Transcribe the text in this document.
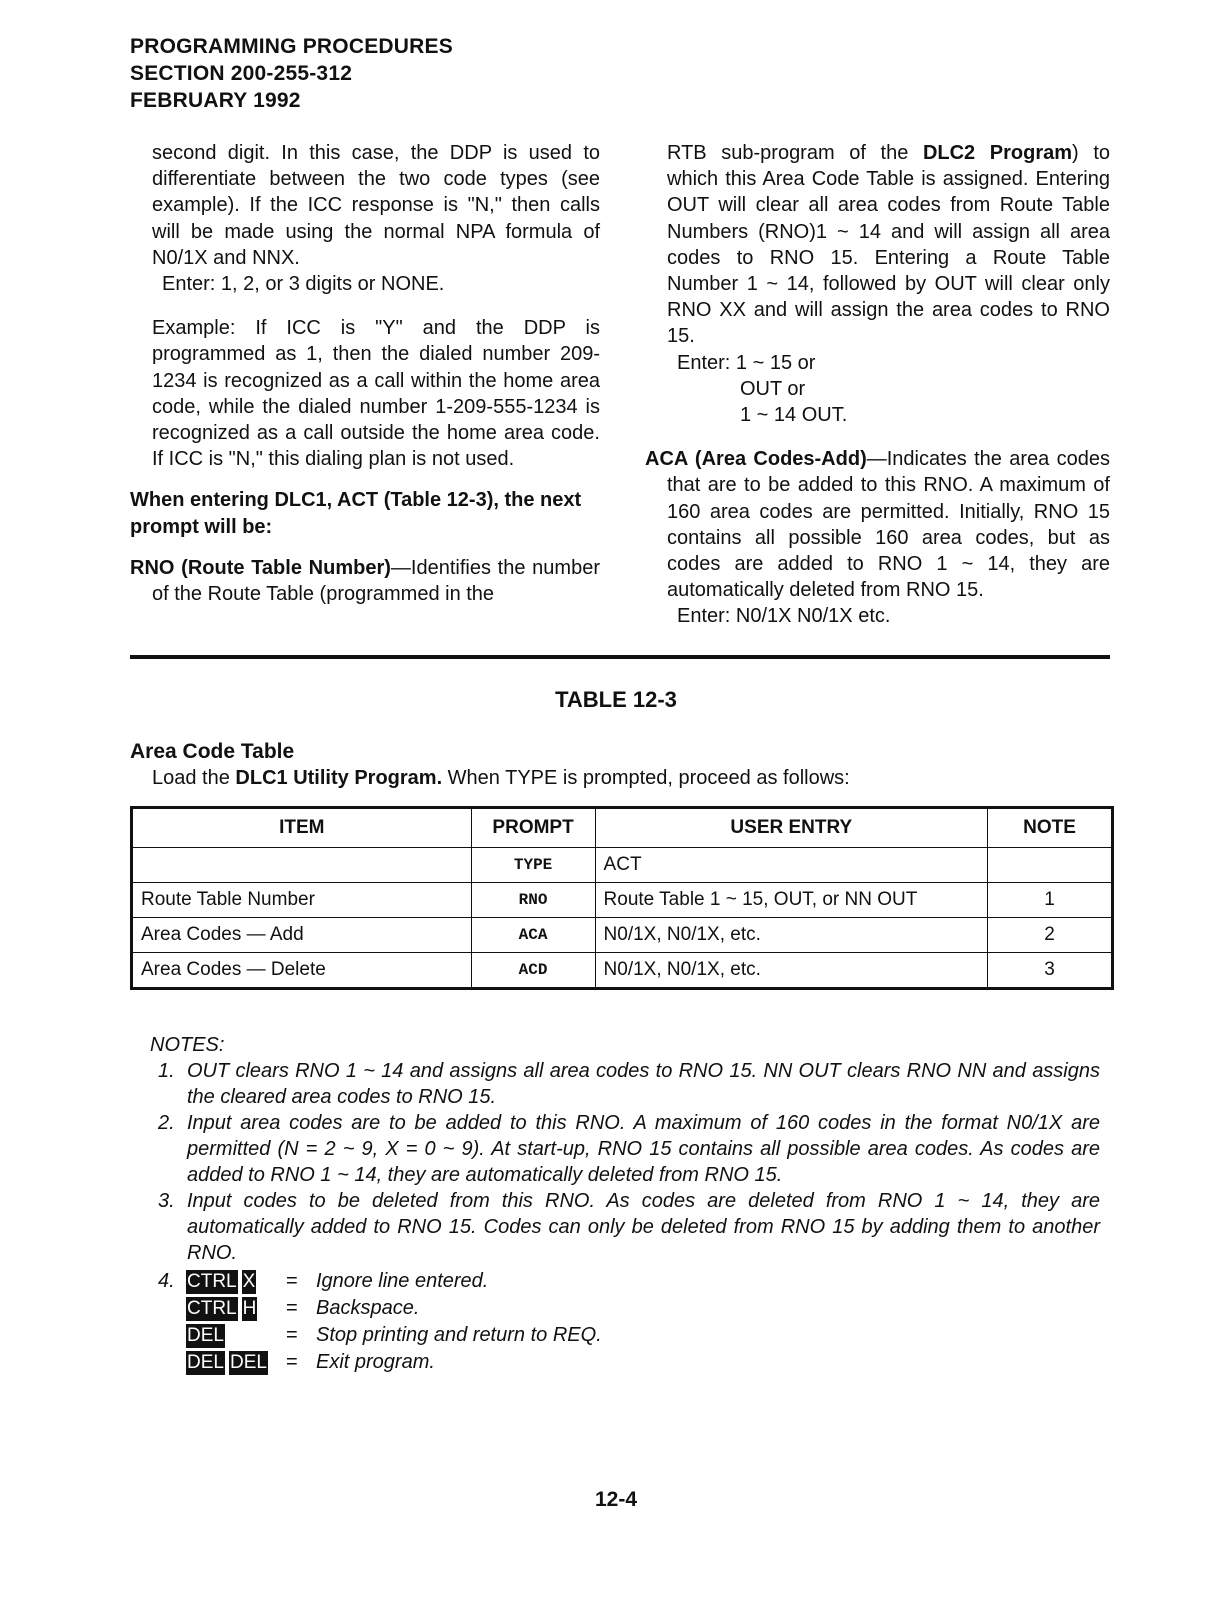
PROGRAMMING PROCEDURES
SECTION 200-255-312
FEBRUARY 1992

second digit. In this case, the DDP is used to differentiate between the two code types (see example). If the ICC response is "N," then calls will be made using the normal NPA formula of N0/1X and NNX.

Enter: 1, 2, or 3 digits or NONE.

Example: If ICC is "Y" and the DDP is programmed as 1, then the dialed number 209-1234 is recognized as a call within the home area code, while the dialed number 1-209-555-1234 is recognized as a call outside the home area code. If ICC is "N," this dialing plan is not used.

When entering DLC1, ACT (Table 12-3), the next prompt will be:

RNO (Route Table Number)—Identifies the number of the Route Table (programmed in the

RTB sub-program of the DLC2 Program) to which this Area Code Table is assigned. Entering OUT will clear all area codes from Route Table Numbers (RNO)1 ~ 14 and will assign all area codes to RNO 15. Entering a Route Table Number 1 ~ 14, followed by OUT will clear only RNO XX and will assign the area codes to RNO 15.

Enter: 1 ~ 15 or

OUT or

1 ~ 14 OUT.

ACA (Area Codes-Add)—Indicates the area codes that are to be added to this RNO. A maximum of 160 area codes are permitted. Initially, RNO 15 contains all possible 160 area codes, but as codes are added to RNO 1 ~ 14, they are automatically deleted from RNO 15.

Enter: N0/1X N0/1X etc.

TABLE 12-3
Area Code Table
Load the DLC1 Utility Program. When TYPE is prompted, proceed as follows:
ITEM	PROMPT	USER ENTRY	NOTE
	TYPE	ACT	
Route Table Number	RNO	Route Table 1 ~ 15, OUT, or NN OUT	1
Area Codes — Add	ACA	N0/1X, N0/1X, etc.	2
Area Codes — Delete	ACD	N0/1X, N0/1X, etc.	3

NOTES:

1. OUT clears RNO 1 ~ 14 and assigns all area codes to RNO 15. NN OUT clears RNO NN and assigns the cleared area codes to RNO 15.
2. Input area codes are to be added to this RNO. A maximum of 160 codes in the format N0/1X are permitted (N = 2 ~ 9, X = 0 ~ 9). At start-up, RNO 15 contains all possible area codes. As codes are added to RNO 1 ~ 14, they are automatically deleted from RNO 15.
3. Input codes to be deleted from this RNO. As codes are deleted from RNO 1 ~ 14, they are automatically added to RNO 15. Codes can only be deleted from RNO 15 by adding them to another RNO.
4. CTRL X = Ignore line entered.
CTRL H = Backspace.
DEL	= Stop printing and return to REQ.
DEL DEL = Exit program.
12-4
